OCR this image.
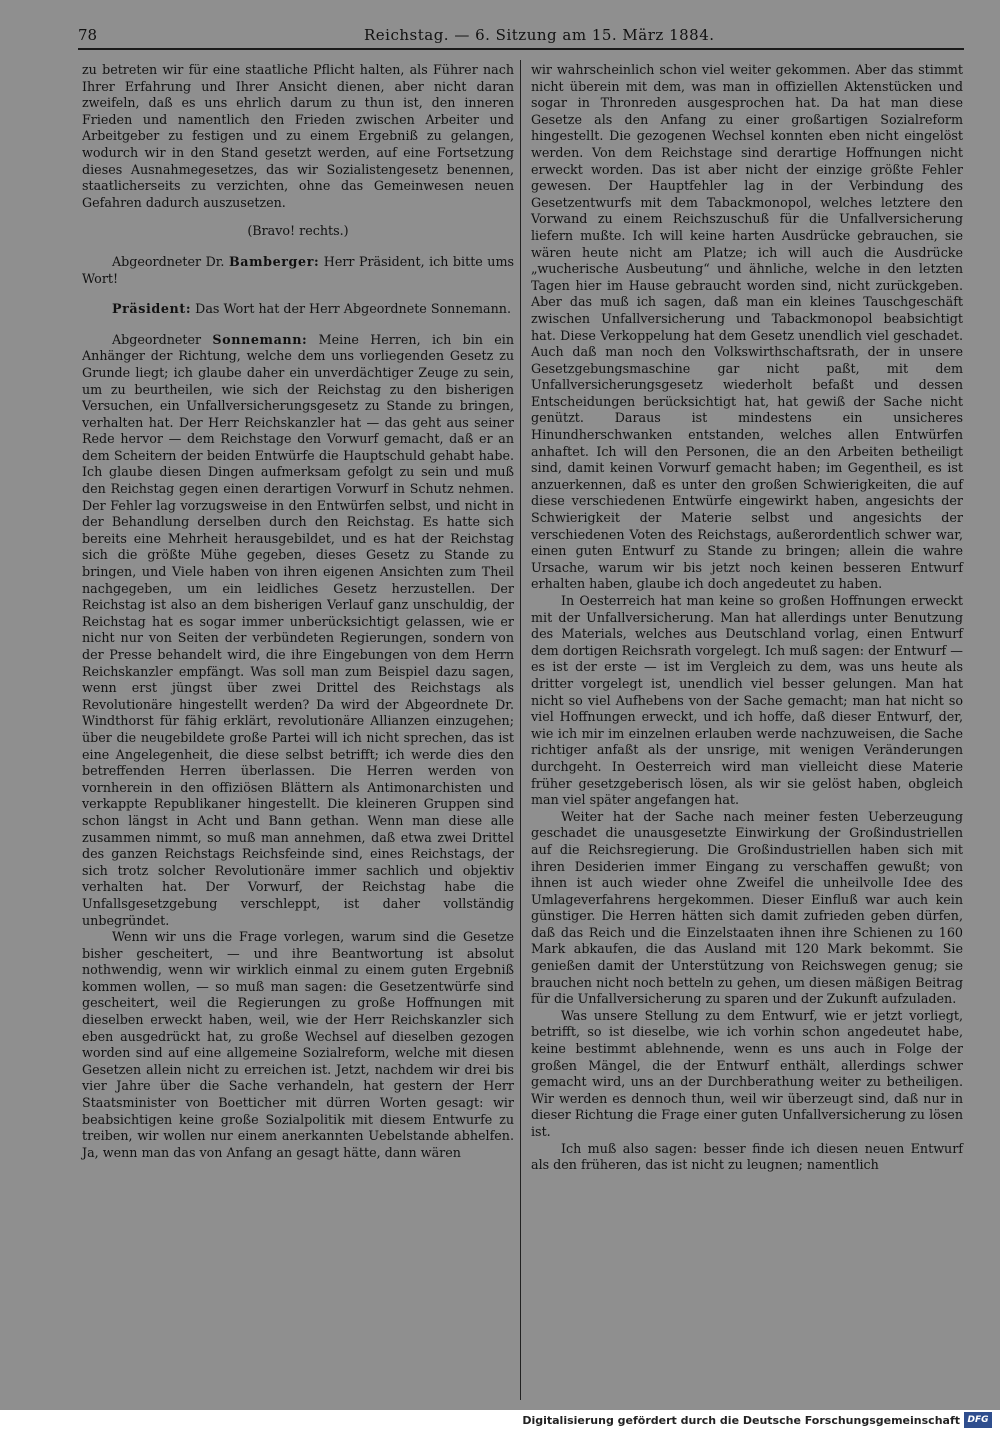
78	Reichstag. — 6. Sitzung am 15. März 1884.

zu betreten wir für eine staatliche Pflicht halten, als Führer nach Ihrer Erfahrung und Ihrer Ansicht dienen, aber nicht daran zweifeln, daß es uns ehrlich darum zu thun ist, den inneren Frieden und namentlich den Frieden zwischen Arbeiter und Arbeitgeber zu festigen und zu einem Ergebniß zu gelangen, wodurch wir in den Stand gesetzt werden, auf eine Fortsetzung dieses Ausnahmegesetzes, das wir Sozialistengesetz benennen, staatlicherseits zu verzichten, ohne das Gemeinwesen neuen Gefahren dadurch auszusetzen.

(Bravo! rechts.)

Abgeordneter Dr. Bamberger: Herr Präsident, ich bitte ums Wort!

Präsident: Das Wort hat der Herr Abgeordnete Sonnemann.

Abgeordneter Sonnemann: Meine Herren, ich bin ein Anhänger der Richtung, welche dem uns vorliegenden Gesetz zu Grunde liegt; ich glaube daher ein unverdächtiger Zeuge zu sein, um zu beurtheilen, wie sich der Reichstag zu den bisherigen Versuchen, ein Unfallversicherungsgesetz zu Stande zu bringen, verhalten hat. Der Herr Reichskanzler hat — das geht aus seiner Rede hervor — dem Reichstage den Vorwurf gemacht, daß er an dem Scheitern der beiden Entwürfe die Hauptschuld gehabt habe. Ich glaube diesen Dingen aufmerksam gefolgt zu sein und muß den Reichstag gegen einen derartigen Vorwurf in Schutz nehmen. Der Fehler lag vorzugsweise in den Entwürfen selbst, und nicht in der Behandlung derselben durch den Reichstag. Es hatte sich bereits eine Mehrheit herausgebildet, und es hat der Reichstag sich die größte Mühe gegeben, dieses Gesetz zu Stande zu bringen, und Viele haben von ihren eigenen Ansichten zum Theil nachgegeben, um ein leidliches Gesetz herzustellen. Der Reichstag ist also an dem bisherigen Verlauf ganz unschuldig, der Reichstag hat es sogar immer unberücksichtigt gelassen, wie er nicht nur von Seiten der verbündeten Regierungen, sondern von der Presse behandelt wird, die ihre Eingebungen von dem Herrn Reichskanzler empfängt. Was soll man zum Beispiel dazu sagen, wenn erst jüngst über zwei Drittel des Reichstags als Revolutionäre hingestellt werden? Da wird der Abgeordnete Dr. Windthorst für fähig erklärt, revolutionäre Allianzen einzugehen; über die neugebildete große Partei will ich nicht sprechen, das ist eine Angelegenheit, die diese selbst betrifft; ich werde dies den betreffenden Herren überlassen. Die Herren werden von vornherein in den offiziösen Blättern als Antimonarchisten und verkappte Republikaner hingestellt. Die kleineren Gruppen sind schon längst in Acht und Bann gethan. Wenn man diese alle zusammen nimmt, so muß man annehmen, daß etwa zwei Drittel des ganzen Reichstags Reichsfeinde sind, eines Reichstags, der sich trotz solcher Revolutionäre immer sachlich und objektiv verhalten hat. Der Vorwurf, der Reichstag habe die Unfallsgesetzgebung verschleppt, ist daher vollständig unbegründet.

Wenn wir uns die Frage vorlegen, warum sind die Gesetze bisher gescheitert, — und ihre Beantwortung ist absolut nothwendig, wenn wir wirklich einmal zu einem guten Ergebniß kommen wollen, — so muß man sagen: die Gesetzentwürfe sind gescheitert, weil die Regierungen zu große Hoffnungen mit dieselben erweckt haben, weil, wie der Herr Reichskanzler sich eben ausgedrückt hat, zu große Wechsel auf dieselben gezogen worden sind auf eine allgemeine Sozialreform, welche mit diesen Gesetzen allein nicht zu erreichen ist. Jetzt, nachdem wir drei bis vier Jahre über die Sache verhandeln, hat gestern der Herr Staatsminister von Boetticher mit dürren Worten gesagt: wir beabsichtigen keine große Sozialpolitik mit diesem Entwurfe zu treiben, wir wollen nur einem anerkannten Uebelstande abhelfen. Ja, wenn man das von Anfang an gesagt hätte, dann wären

wir wahrscheinlich schon viel weiter gekommen. Aber das stimmt nicht überein mit dem, was man in offiziellen Aktenstücken und sogar in Thronreden ausgesprochen hat. Da hat man diese Gesetze als den Anfang zu einer großartigen Sozialreform hingestellt. Die gezogenen Wechsel konnten eben nicht eingelöst werden. Von dem Reichstage sind derartige Hoffnungen nicht erweckt worden. Das ist aber nicht der einzige größte Fehler gewesen. Der Hauptfehler lag in der Verbindung des Gesetzentwurfs mit dem Tabackmonopol, welches letztere den Vorwand zu einem Reichszuschuß für die Unfallversicherung liefern mußte. Ich will keine harten Ausdrücke gebrauchen, sie wären heute nicht am Platze; ich will auch die Ausdrücke „wucherische Ausbeutung“ und ähnliche, welche in den letzten Tagen hier im Hause gebraucht worden sind, nicht zurückgeben. Aber das muß ich sagen, daß man ein kleines Tauschgeschäft zwischen Unfallversicherung und Tabackmonopol beabsichtigt hat. Diese Verkoppelung hat dem Gesetz unendlich viel geschadet. Auch daß man noch den Volkswirthschaftsrath, der in unsere Gesetzgebungsmaschine gar nicht paßt, mit dem Unfallversicherungsgesetz wiederholt befaßt und dessen Entscheidungen berücksichtigt hat, hat gewiß der Sache nicht genützt. Daraus ist mindestens ein unsicheres Hinundherschwanken entstanden, welches allen Entwürfen anhaftet. Ich will den Personen, die an den Arbeiten betheiligt sind, damit keinen Vorwurf gemacht haben; im Gegentheil, es ist anzuerkennen, daß es unter den großen Schwierigkeiten, die auf diese verschiedenen Entwürfe eingewirkt haben, angesichts der Schwierigkeit der Materie selbst und angesichts der verschiedenen Voten des Reichstags, außerordentlich schwer war, einen guten Entwurf zu Stande zu bringen; allein die wahre Ursache, warum wir bis jetzt noch keinen besseren Entwurf erhalten haben, glaube ich doch angedeutet zu haben.

In Oesterreich hat man keine so großen Hoffnungen erweckt mit der Unfallversicherung. Man hat allerdings unter Benutzung des Materials, welches aus Deutschland vorlag, einen Entwurf dem dortigen Reichsrath vorgelegt. Ich muß sagen: der Entwurf — es ist der erste — ist im Vergleich zu dem, was uns heute als dritter vorgelegt ist, unendlich viel besser gelungen. Man hat nicht so viel Aufhebens von der Sache gemacht; man hat nicht so viel Hoffnungen erweckt, und ich hoffe, daß dieser Entwurf, der, wie ich mir im einzelnen erlauben werde nachzuweisen, die Sache richtiger anfaßt als der unsrige, mit wenigen Veränderungen durchgeht. In Oesterreich wird man vielleicht diese Materie früher gesetzgeberisch lösen, als wir sie gelöst haben, obgleich man viel später angefangen hat.

Weiter hat der Sache nach meiner festen Ueberzeugung geschadet die unausgesetzte Einwirkung der Großindustriellen auf die Reichsregierung. Die Großindustriellen haben sich mit ihren Desiderien immer Eingang zu verschaffen gewußt; von ihnen ist auch wieder ohne Zweifel die unheilvolle Idee des Umlageverfahrens hergekommen. Dieser Einfluß war auch kein günstiger. Die Herren hätten sich damit zufrieden geben dürfen, daß das Reich und die Einzelstaaten ihnen ihre Schienen zu 160 Mark abkaufen, die das Ausland mit 120 Mark bekommt. Sie genießen damit der Unterstützung von Reichswegen genug; sie brauchen nicht noch betteln zu gehen, um diesen mäßigen Beitrag für die Unfallversicherung zu sparen und der Zukunft aufzuladen.

Was unsere Stellung zu dem Entwurf, wie er jetzt vorliegt, betrifft, so ist dieselbe, wie ich vorhin schon angedeutet habe, keine bestimmt ablehnende, wenn es uns auch in Folge der großen Mängel, die der Entwurf enthält, allerdings schwer gemacht wird, uns an der Durchberathung weiter zu betheiligen. Wir werden es dennoch thun, weil wir überzeugt sind, daß nur in dieser Richtung die Frage einer guten Unfallversicherung zu lösen ist.

Ich muß also sagen: besser finde ich diesen neuen Entwurf als den früheren, das ist nicht zu leugnen; namentlich

Digitalisierung gefördert durch die Deutsche Forschungsgemeinschaft DFG
